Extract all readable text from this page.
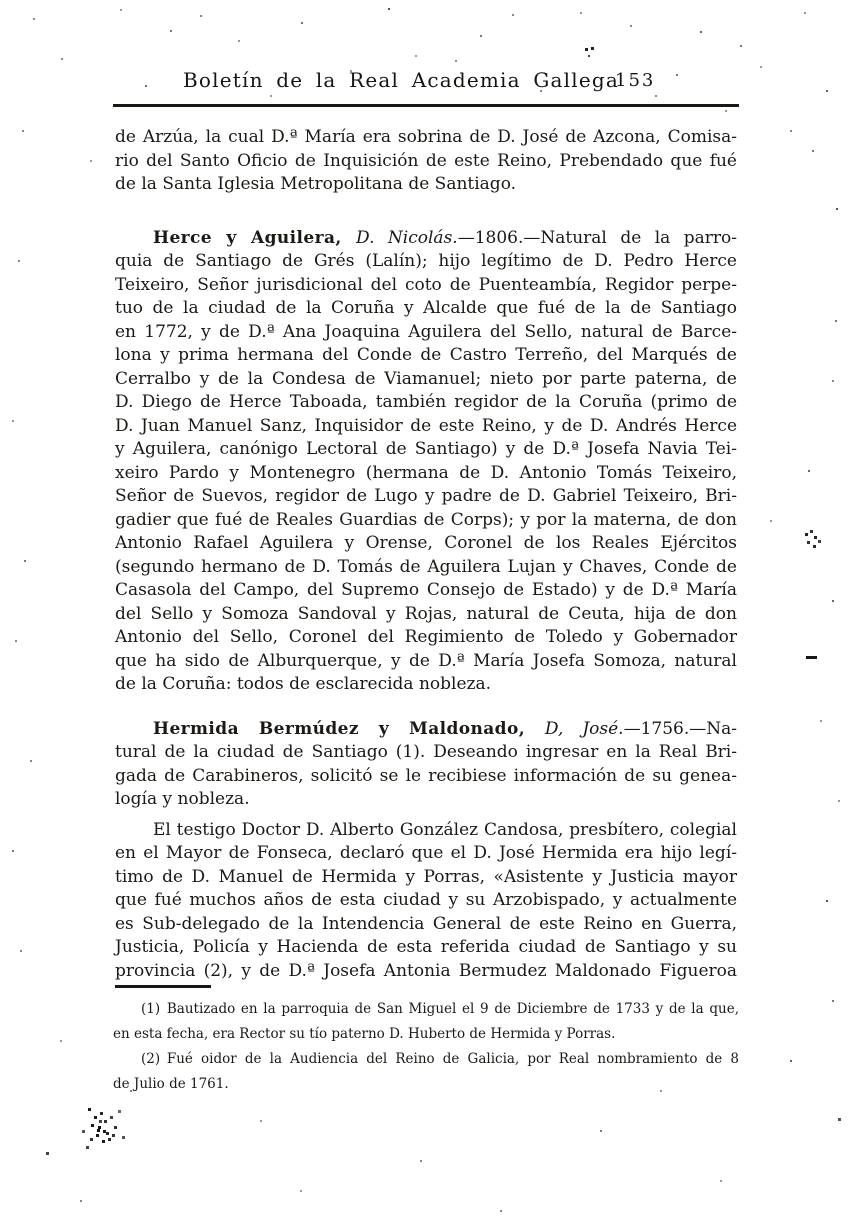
Boletín de la Real Academia Gallega
153
de Arzúa, la cual D.ª María era sobrina de D. José de Azcona, Comisa-
rio del Santo Oficio de Inquisición de este Reino, Prebendado que fué
de la Santa Iglesia Metropolitana de Santiago.
Herce y Aguilera, D. Nicolás.—1806.—Natural de la parro-
quia de Santiago de Grés (Lalín); hijo legítimo de D. Pedro Herce
Teixeiro, Señor jurisdicional del coto de Puenteambía, Regidor perpe-
tuo de la ciudad de la Coruña y Alcalde que fué de la de Santiago
en 1772, y de D.ª Ana Joaquina Aguilera del Sello, natural de Barce-
lona y prima hermana del Conde de Castro Terreño, del Marqués de
Cerralbo y de la Condesa de Viamanuel; nieto por parte paterna, de
D. Diego de Herce Taboada, también regidor de la Coruña (primo de
D. Juan Manuel Sanz, Inquisidor de este Reino, y de D. Andrés Herce
y Aguilera, canónigo Lectoral de Santiago) y de D.ª Josefa Navia Tei-
xeiro Pardo y Montenegro (hermana de D. Antonio Tomás Teixeiro,
Señor de Suevos, regidor de Lugo y padre de D. Gabriel Teixeiro, Bri-
gadier que fué de Reales Guardias de Corps); y por la materna, de don
Antonio Rafael Aguilera y Orense, Coronel de los Reales Ejércitos
(segundo hermano de D. Tomás de Aguilera Lujan y Chaves, Conde de
Casasola del Campo, del Supremo Consejo de Estado) y de D.ª María
del Sello y Somoza Sandoval y Rojas, natural de Ceuta, hija de don
Antonio del Sello, Coronel del Regimiento de Toledo y Gobernador
que ha sido de Alburquerque, y de D.ª María Josefa Somoza, natural
de la Coruña: todos de esclarecida nobleza.
Hermida Bermúdez y Maldonado, D, José.—1756.—Na-
tural de la ciudad de Santiago (1). Deseando ingresar en la Real Bri-
gada de Carabineros, solicitó se le recibiese información de su genea-
logía y nobleza.
El testigo Doctor D. Alberto González Candosa, presbítero, colegial
en el Mayor de Fonseca, declaró que el D. José Hermida era hijo legí-
timo de D. Manuel de Hermida y Porras, «Asistente y Justicia mayor
que fué muchos años de esta ciudad y su Arzobispado, y actualmente
es Sub-delegado de la Intendencia General de este Reino en Guerra,
Justicia, Policía y Hacienda de esta referida ciudad de Santiago y su
provincia (2), y de D.ª Josefa Antonia Bermudez Maldonado Figueroa
(1) Bautizado en la parroquia de San Miguel el 9 de Diciembre de 1733 y de la que,
en esta fecha, era Rector su tío paterno D. Huberto de Hermida y Porras.
(2) Fué oidor de la Audiencia del Reino de Galicia, por Real nombramiento de 8
de Julio de 1761.
